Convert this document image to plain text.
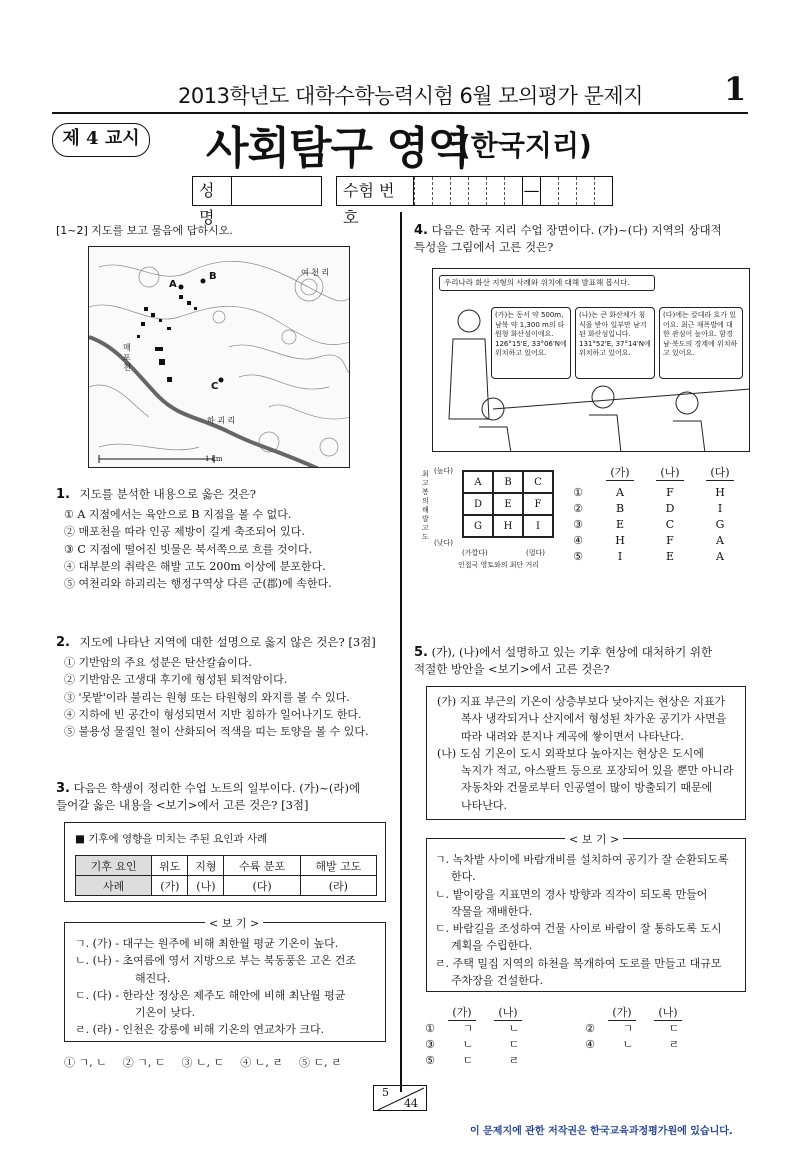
2013학년도 대학수학능력시험 6월 모의평가 문제지	1
제 4 교시 사회탐구 영역
(한국지리)
성명
수험 번호
—
[1~2] 지도를 보고 물음에 답하시오.
A
B
C
여 천 리
하 괴 리
매 포 천
1 km
1. 지도를 분석한 내용으로 옳은 것은?
① A 지점에서는 육안으로 B 지점을 볼 수 없다.
② 매포천을 따라 인공 제방이 길게 축조되어 있다.
③ C 지점에 떨어진 빗물은 북서쪽으로 흐를 것이다.
④ 대부분의 취락은 해발 고도 200m 이상에 분포한다.
⑤ 여천리와 하괴리는 행정구역상 다른 군(郡)에 속한다.
2. 지도에 나타난 지역에 대한 설명으로 옳지 않은 것은? [3점]
① 기반암의 주요 성분은 탄산칼슘이다.
② 기반암은 고생대 후기에 형성된 퇴적암이다.
③ '못밭'이라 불리는 원형 또는 타원형의 와지를 볼 수 있다.
④ 지하에 빈 공간이 형성되면서 지반 침하가 일어나기도 한다.
⑤ 불용성 물질인 철이 산화되어 적색을 띠는 토양을 볼 수 있다.
3. 다음은 학생이 정리한 수업 노트의 일부이다. (가)~(라)에
들어갈 옳은 내용을 <보기>에서 고른 것은? [3점]
■ 기후에 영향을 미치는 주된 요인과 사례
기후 요인	위도	지형	수륙 분포	해발 고도
사례	(가)	(나)	(다)	(라)
< 보 기 >
ㄱ. (가) - 대구는 원주에 비해 최한월 평균 기온이 높다.
ㄴ. (나) - 초여름에 영서 지방으로 부는 북동풍은 고온 건조
해진다.
ㄷ. (다) - 한라산 정상은 제주도 해안에 비해 최난월 평균
기온이 낮다.
ㄹ. (라) - 인천은 강릉에 비해 기온의 연교차가 크다.
① ㄱ, ㄴ ② ㄱ, ㄷ ③ ㄴ, ㄷ ④ ㄴ, ㄹ ⑤ ㄷ, ㄹ
4. 다음은 한국 지리 수업 장면이다. (가)~(다) 지역의 상대적
특성을 그림에서 고른 것은?
우리나라 화산 지형의 사례와 위치에 대해 발표해 봅시다.
(가)는 동서 약 500m, 남북 약 1,300 m의 타원형 화산섬이에요. 126°15'E, 33°06'N에 위치하고 있어요.
(나)는 큰 화산체가 침식을 받아 일부만 남겨된 화산섬입니다. 131°52'E, 37°14'N에 위치하고 있어요.
(다)에는 칼데라 호가 있어요. 최근 재폭발에 대한 관심이 높아요. 함경남·북도의 경계에 위치하고 있어요.
최고봉의 해발고도
(높다)
(낮다)
A	B	C
D	E	F
G	H	I
(가깝다)	(멀다)
인접국 영토와의 최단 거리
(가)	(나)	(다)
①	A	F	H
②	B	D	I
③	E	C	G
④	H	F	A
⑤	I	E	A
5. (가), (나)에서 설명하고 있는 기후 현상에 대처하기 위한
적절한 방안을 <보기>에서 고른 것은?
(가) 지표 부근의 기온이 상층부보다 낮아지는 현상은 지표가
복사 냉각되거나 산지에서 형성된 차가운 공기가 사면을
따라 내려와 분지나 계곡에 쌓이면서 나타난다.
(나) 도심 기온이 도시 외곽보다 높아지는 현상은 도시에
녹지가 적고, 아스팔트 등으로 포장되어 있을 뿐만 아니라
자동차와 건물로부터 인공열이 많이 방출되기 때문에
나타난다.
< 보 기 >
ㄱ. 녹차밭 사이에 바람개비를 설치하여 공기가 잘 순환되도록
한다.
ㄴ. 밭이랑을 지표면의 경사 방향과 직각이 되도록 만들어
작물을 재배한다.
ㄷ. 바람길을 조성하여 건물 사이로 바람이 잘 통하도록 도시
계획을 수립한다.
ㄹ. 주택 밀집 지역의 하천을 복개하여 도로를 만들고 대규모
주차장을 건설한다.
(가)	(나)	(가)	(나)
①	ㄱ	ㄴ	②	ㄱ	ㄷ
③	ㄴ	ㄷ	④	ㄴ	ㄹ
⑤	ㄷ	ㄹ
5
44
이 문제지에 관한 저작권은 한국교육과정평가원에 있습니다.
